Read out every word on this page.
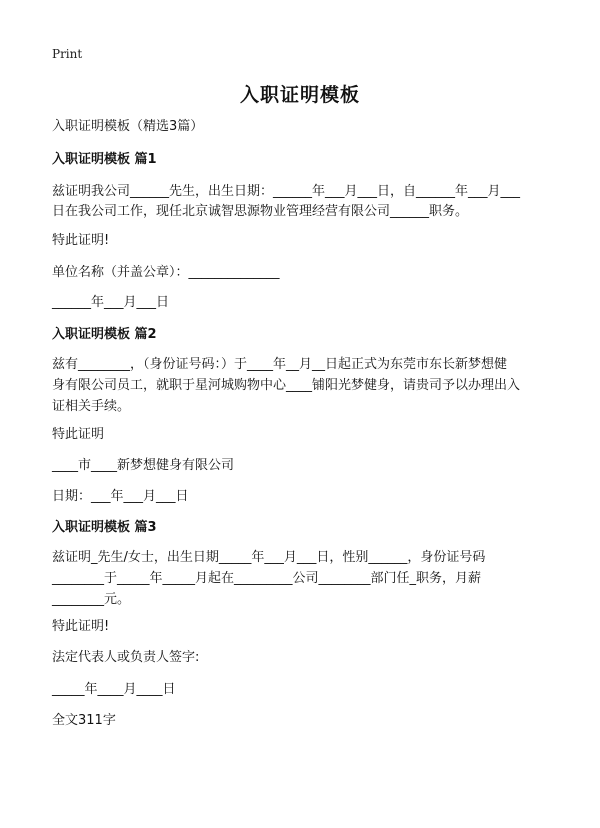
Print
入职证明模板
入职证明模板（精选3篇）
入职证明模板 篇1
兹证明我公司______先生，出生日期：______年___月___日，自______年___月___
日在我公司工作，现任北京诚智思源物业管理经营有限公司______职务。
特此证明!
单位名称（并盖公章）：______________
______年___月___日
入职证明模板 篇2
兹有________，（身份证号码：）于____年__月__日起正式为东莞市东长新梦想健
身有限公司员工，就职于星河城购物中心____铺阳光梦健身，请贵司予以办理出入
证相关手续。
特此证明
____市____新梦想健身有限公司
日期：___年___月___日
入职证明模板 篇3
兹证明_先生/女士，出生日期_____年___月___日，性别______，身份证号码
________于_____年_____月起在_________公司________部门任_职务，月薪
________元。
特此证明!
法定代表人或负责人签字:
_____年____月____日
全文311字
